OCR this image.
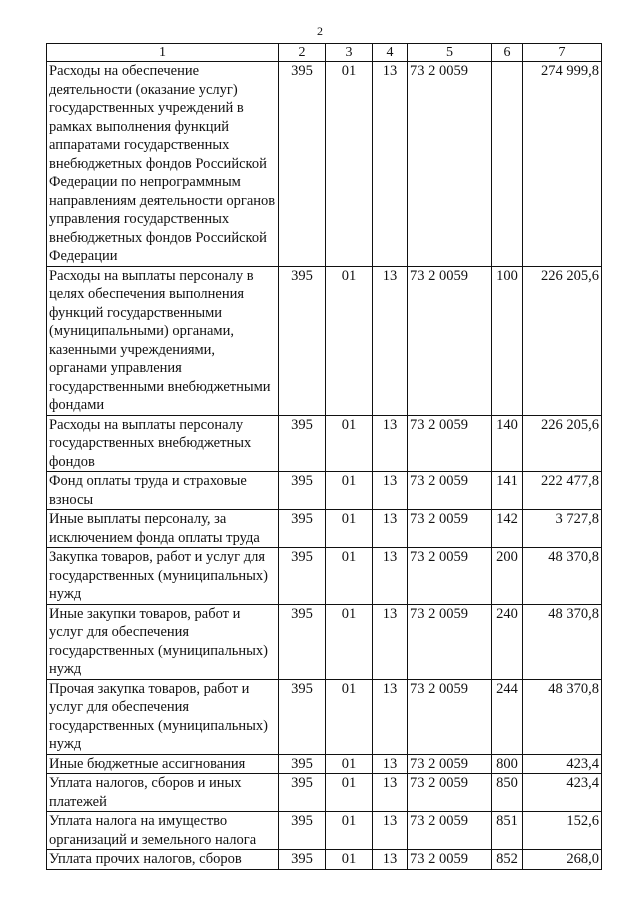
2
1	2	3	4	5	6	7
Расходы на обеспечение деятельности (оказание услуг) государственных учреждений в рамках выполнения функций аппаратами государственных внебюджетных фондов Российской Федерации по непрограммным направлениям деятельности органов управления государственных внебюджетных фондов Российской Федерации	395	01	13	73 2 0059		274 999,8
Расходы на выплаты персоналу в целях обеспечения выполнения функций государственными (муниципальными) органами, казенными учреждениями, органами управления государственными внебюджетными фондами	395	01	13	73 2 0059	100	226 205,6
Расходы на выплаты персоналу государственных внебюджетных фондов	395	01	13	73 2 0059	140	226 205,6
Фонд оплаты труда и страховые взносы	395	01	13	73 2 0059	141	222 477,8
Иные выплаты персоналу, за исключением фонда оплаты труда	395	01	13	73 2 0059	142	3 727,8
Закупка товаров, работ и услуг для государственных (муниципальных) нужд	395	01	13	73 2 0059	200	48 370,8
Иные закупки товаров, работ и услуг для обеспечения государственных (муниципальных) нужд	395	01	13	73 2 0059	240	48 370,8
Прочая закупка товаров, работ и услуг для обеспечения государственных (муниципальных) нужд	395	01	13	73 2 0059	244	48 370,8
Иные бюджетные ассигнования	395	01	13	73 2 0059	800	423,4
Уплата налогов, сборов и иных платежей	395	01	13	73 2 0059	850	423,4
Уплата налога на имущество организаций и земельного налога	395	01	13	73 2 0059	851	152,6
Уплата прочих налогов, сборов	395	01	13	73 2 0059	852	268,0
